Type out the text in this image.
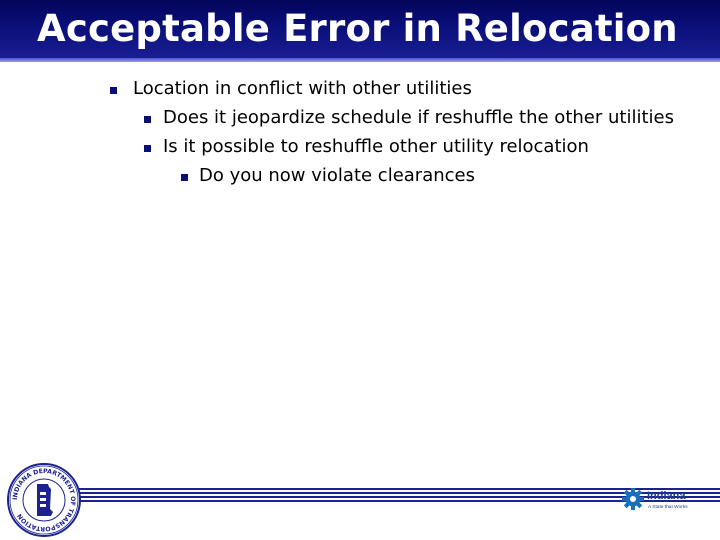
Acceptable Error in Relocation
Location in conflict with other utilities
Does it jeopardize schedule if reshuffle the other utilities
Is it possible to reshuffle other utility relocation
Do you now violate clearances
INDIANA DEPARTMENT OF TRANSPORTATION
Indiana
A State that Works
